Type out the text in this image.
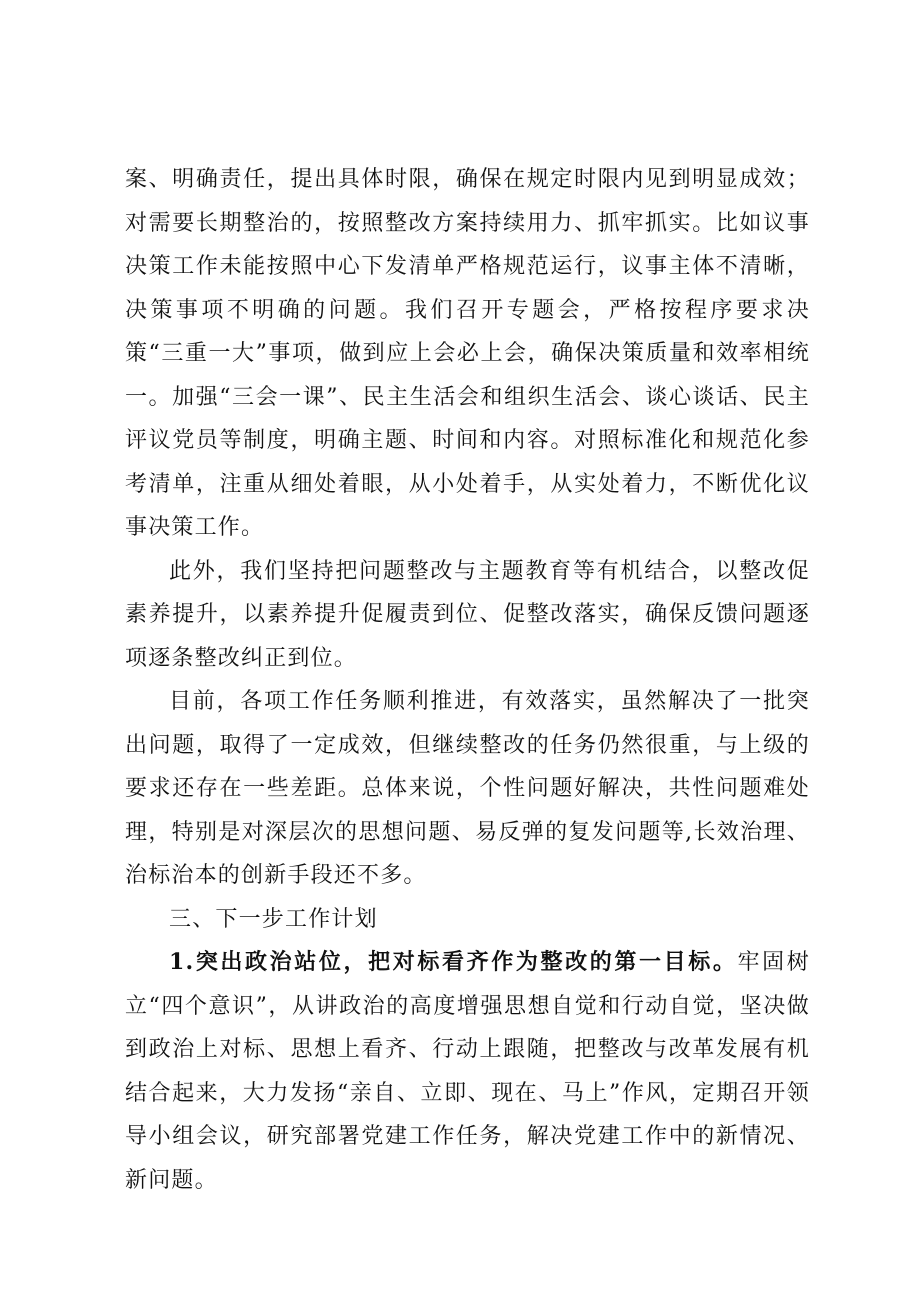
案、明确责任，提出具体时限，确保在规定时限内见到明显成效；对需要长期整治的，按照整改方案持续用力、抓牢抓实。比如议事决策工作未能按照中心下发清单严格规范运行，议事主体不清晰，决策事项不明确的问题。我们召开专题会，严格按程序要求决策“三重一大”事项，做到应上会必上会，确保决策质量和效率相统一。加强“三会一课”、民主生活会和组织生活会、谈心谈话、民主评议党员等制度，明确主题、时间和内容。对照标准化和规范化参考清单，注重从细处着眼，从小处着手，从实处着力，不断优化议事决策工作。

此外，我们坚持把问题整改与主题教育等有机结合，以整改促素养提升，以素养提升促履责到位、促整改落实，确保反馈问题逐项逐条整改纠正到位。

目前，各项工作任务顺利推进，有效落实，虽然解决了一批突出问题，取得了一定成效，但继续整改的任务仍然很重，与上级的要求还存在一些差距。总体来说，个性问题好解决，共性问题难处理，特别是对深层次的思想问题、易反弹的复发问题等,长效治理、治标治本的创新手段还不多。

三、下一步工作计划

1.突出政治站位，把对标看齐作为整改的第一目标。牢固树立“四个意识”，从讲政治的高度增强思想自觉和行动自觉，坚决做到政治上对标、思想上看齐、行动上跟随，把整改与改革发展有机结合起来，大力发扬“亲自、立即、现在、马上”作风，定期召开领导小组会议，研究部署党建工作任务，解决党建工作中的新情况、新问题。
